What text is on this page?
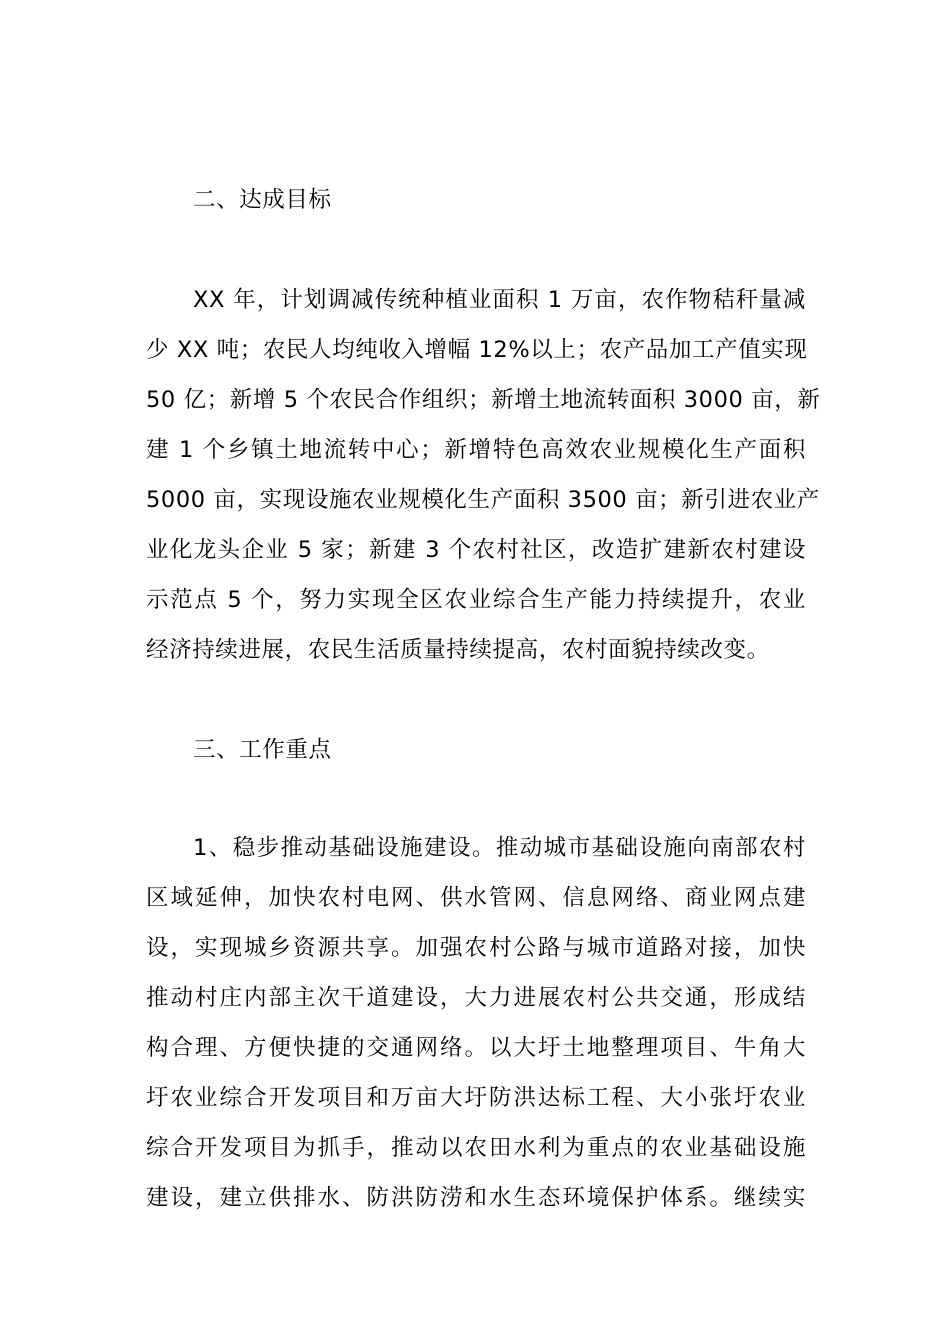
二、达成目标
XX 年，计划调减传统种植业面积 1 万亩，农作物秸秆量减
少 XX 吨；农民人均纯收入增幅 12%以上；农产品加工产值实现
50 亿；新增 5 个农民合作组织；新增土地流转面积 3000 亩，新
建 1 个乡镇土地流转中心；新增特色高效农业规模化生产面积
5000 亩，实现设施农业规模化生产面积 3500 亩；新引进农业产
业化龙头企业 5 家；新建 3 个农村社区，改造扩建新农村建设
示范点 5 个，努力实现全区农业综合生产能力持续提升，农业
经济持续进展，农民生活质量持续提高，农村面貌持续改变。
三、工作重点
1、稳步推动基础设施建设。推动城市基础设施向南部农村
区域延伸，加快农村电网、供水管网、信息网络、商业网点建
设，实现城乡资源共享。加强农村公路与城市道路对接，加快
推动村庄内部主次干道建设，大力进展农村公共交通，形成结
构合理、方便快捷的交通网络。以大圩土地整理项目、牛角大
圩农业综合开发项目和万亩大圩防洪达标工程、大小张圩农业
综合开发项目为抓手，推动以农田水利为重点的农业基础设施
建设，建立供排水、防洪防涝和水生态环境保护体系。继续实
